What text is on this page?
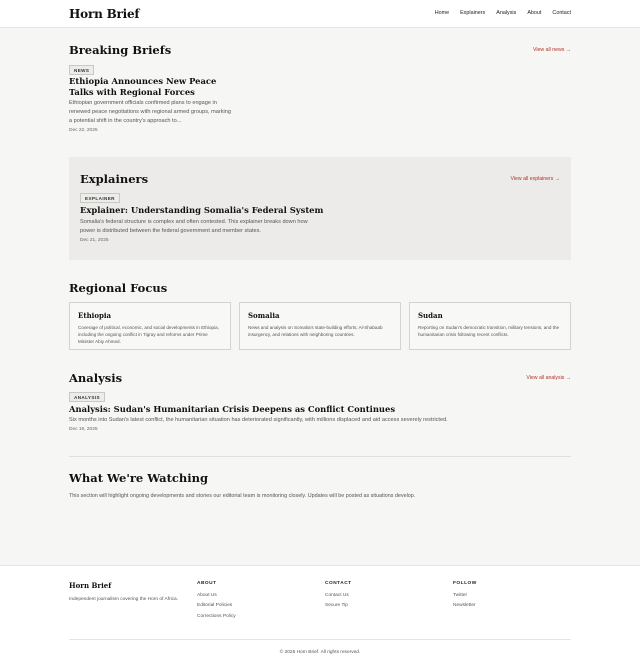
Horn Brief	Home Explainers Analysis About Contact
Breaking Briefs	View all news →
NEWS
Ethiopia Announces New Peace Talks with Regional Forces

Ethiopian government officials confirmed plans to engage in renewed peace negotiations with regional armed groups, marking a potential shift in the country's approach to...

Dec 22, 2025
Explainers	View all explainers →
EXPLAINER
Explainer: Understanding Somalia's Federal System

Somalia's federal structure is complex and often contested. This explainer breaks down how power is distributed between the federal government and member states.

Dec 21, 2025
Regional Focus
Ethiopia
Coverage of political, economic, and social developments in Ethiopia, including the ongoing conflict in Tigray and reforms under Prime Minister Abiy Ahmed.
Somalia
News and analysis on Somalia's state-building efforts, Al-Shabaab insurgency, and relations with neighboring countries.
Sudan
Reporting on Sudan's democratic transition, military tensions, and the humanitarian crisis following recent conflicts.
Analysis	View all analysis →
ANALYSIS
Analysis: Sudan's Humanitarian Crisis Deepens as Conflict Continues

Six months into Sudan's latest conflict, the humanitarian situation has deteriorated significantly, with millions displaced and aid access severely restricted.

Dec 19, 2025
What We're Watching

This section will highlight ongoing developments and stories our editorial team is monitoring closely. Updates will be posted as situations develop.

Horn Brief
Independent journalism covering the Horn of Africa.
ABOUT
About Us
Editorial Policies
Corrections Policy
CONTACT
Contact Us
Secure Tip
FOLLOW
Twitter
Newsletter
© 2025 Horn Brief. All rights reserved.
